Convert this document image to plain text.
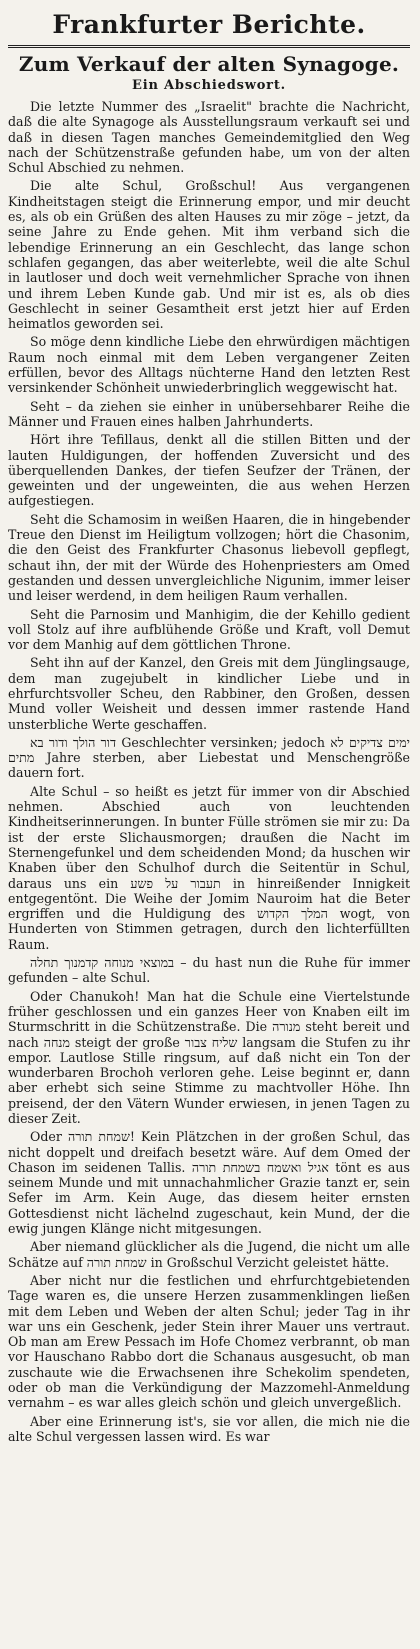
Frankfurter Berichte.
Zum Verkauf der alten Synagoge.
Ein Abschiedswort.

Die letzte Nummer des „Israelit" brachte die Nachricht, daß die alte Synagoge als Ausstellungsraum verkauft sei und daß in diesen Tagen manches Gemeindemitglied den Weg nach der Schützenstraße gefunden habe, um von der alten Schul Abschied zu nehmen.

Die alte Schul, Großschul! Aus vergangenen Kindheitstagen steigt die Erinnerung empor, und mir deucht es, als ob ein Grüßen des alten Hauses zu mir zöge – jetzt, da seine Jahre zu Ende gehen. Mit ihm verband sich die lebendige Erinnerung an ein Geschlecht, das lange schon schlafen gegangen, das aber weiterlebte, weil die alte Schul in lautloser und doch weit vernehmlicher Sprache von ihnen und ihrem Leben Kunde gab. Und mir ist es, als ob dies Geschlecht in seiner Gesamtheit erst jetzt hier auf Erden heimatlos geworden sei.

So möge denn kindliche Liebe den ehrwürdigen mächtigen Raum noch einmal mit dem Leben vergangener Zeiten erfüllen, bevor des Alltags nüchterne Hand den letzten Rest versinkender Schönheit unwiederbringlich weggewischt hat.

Seht – da ziehen sie einher in unübersehbarer Reihe die Männer und Frauen eines halben Jahrhunderts.

Hört ihre Tefillaus, denkt all die stillen Bitten und der lauten Huldigungen, der hoffenden Zuversicht und des überquellenden Dankes, der tiefen Seufzer der Tränen, der geweinten und der ungeweinten, die aus wehen Herzen aufgestiegen.

Seht die Schamosim in weißen Haaren, die in hingebender Treue den Dienst im Heiligtum vollzogen; hört die Chasonim, die den Geist des Frankfurter Chasonus liebevoll gepflegt, schaut ihn, der mit der Würde des Hohenpriesters am Omed gestanden und dessen unvergleichliche Nigunim, immer leiser und leiser werdend, in dem heiligen Raum verhallen.

Seht die Parnosim und Manhigim, die der Kehillo gedient voll Stolz auf ihre aufblühende Größe und Kraft, voll Demut vor dem Manhig auf dem göttlichen Throne.

Seht ihn auf der Kanzel, den Greis mit dem Jünglingsauge, dem man zugejubelt in kindlicher Liebe und in ehrfurchtsvoller Scheu, den Rabbiner, den Großen, dessen Mund voller Weisheit und dessen immer rastende Hand unsterbliche Werte geschaffen.

דור הולך ודור בא Geschlechter versinken; jedoch ימים צדיקים לא מתים Jahre sterben, aber Liebestat und Menschengröße dauern fort.

Alte Schul – so heißt es jetzt für immer von dir Abschied nehmen. Abschied auch von leuchtenden Kindheitserinnerungen. In bunter Fülle strömen sie mir zu: Da ist der erste Slichausmorgen; draußen die Nacht im Sternengefunkel und dem scheidenden Mond; da huschen wir Knaben über den Schulhof durch die Seitentür in Schul, daraus uns ein תעבור על פשע in hinreißender Innigkeit entgegentönt. Die Weihe der Jomim Nauroim hat die Beter ergriffen und die Huldigung des המלך הקדוש wogt, von Hunderten von Stimmen getragen, durch den lichterfüllten Raum.

במוצאי מנוחה קדמנוך תחלה – du hast nun die Ruhe für immer gefunden – alte Schul.

Oder Chanukoh! Man hat die Schule eine Viertelstunde früher geschlossen und ein ganzes Heer von Knaben eilt im Sturmschritt in die Schützenstraße. Die מנורה steht bereit und nach מנחה steigt der große שליח צבור langsam die Stufen zu ihr empor. Lautlose Stille ringsum, auf daß nicht ein Ton der wunderbaren Brochoh verloren gehe. Leise beginnt er, dann aber erhebt sich seine Stimme zu machtvoller Höhe. Ihn preisend, der den Vätern Wunder erwiesen, in jenen Tagen zu dieser Zeit.

Oder שמחת תורה! Kein Plätzchen in der großen Schul, das nicht doppelt und dreifach besetzt wäre. Auf dem Omed der Chason im seidenen Tallis. אגיל ואשמח בשמחת תורה tönt es aus seinem Munde und mit unnachahmlicher Grazie tanzt er, sein Sefer im Arm. Kein Auge, das diesem heiter ernsten Gottesdienst nicht lächelnd zugeschaut, kein Mund, der die ewig jungen Klänge nicht mitgesungen.

Aber niemand glücklicher als die Jugend, die nicht um alle Schätze auf שמחת תורה in Großschul Verzicht geleistet hätte.

Aber nicht nur die festlichen und ehrfurchtgebietenden Tage waren es, die unsere Herzen zusammenklingen ließen mit dem Leben und Weben der alten Schul; jeder Tag in ihr war uns ein Geschenk, jeder Stein ihrer Mauer uns vertraut. Ob man am Erew Pessach im Hofe Chomez verbrannt, ob man vor Hauschano Rabbo dort die Schanaus ausgesucht, ob man zuschaute wie die Erwachsenen ihre Schekolim spendeten, oder ob man die Verkündigung der Mazzomehl-Anmeldung vernahm – es war alles gleich schön und gleich unvergeßlich.

Aber eine Erinnerung ist's, sie vor allen, die mich nie die alte Schul vergessen lassen wird. Es war
